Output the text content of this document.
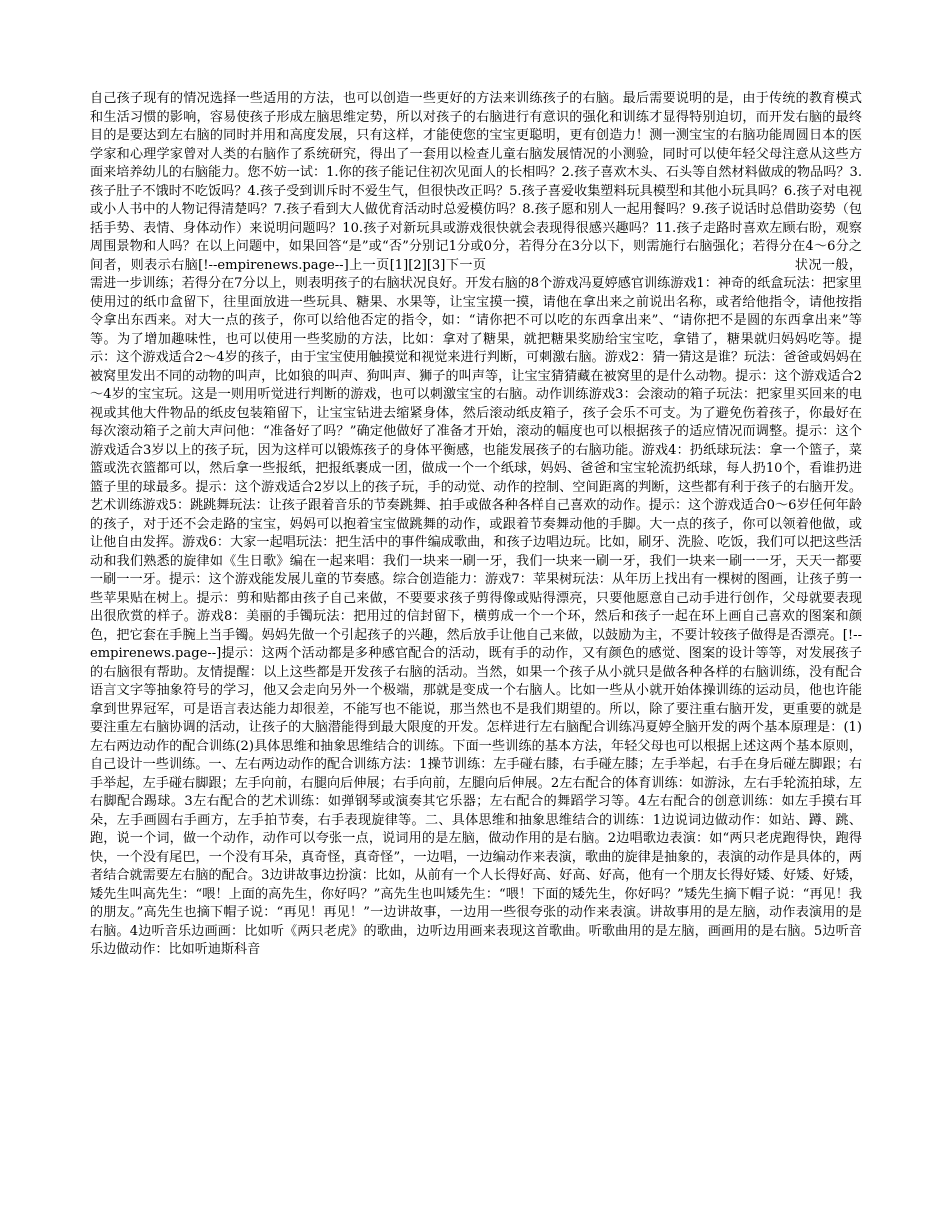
自己孩子现有的情况选择一些适用的方法，也可以创造一些更好的方法来训练孩子的右脑。最后需要说明的是，由于传统的教育模式和生活习惯的影响，容易使孩子形成左脑思维定势，所以对孩子的右脑进行有意识的强化和训练才显得特别迫切，而开发右脑的最终目的是要达到左右脑的同时并用和高度发展，只有这样，才能使您的宝宝更聪明，更有创造力！测一测宝宝的右脑功能周圆日本的医学家和心理学家曾对人类的右脑作了系统研究，得出了一套用以检查儿童右脑发展情况的小测验，同时可以使年轻父母注意从这些方面来培养幼儿的右脑能力。您不妨一试：1.你的孩子能记住初次见面人的长相吗？2.孩子喜欢木头、石头等自然材料做成的物品吗？3.孩子肚子不饿时不吃饭吗？4.孩子受到训斥时不爱生气，但很快改正吗？5.孩子喜爱收集塑料玩具模型和其他小玩具吗？6.孩子对电视或小人书中的人物记得清楚吗？7.孩子看到大人做优育活动时总爱模仿吗？8.孩子愿和别人一起用餐吗？9.孩子说话时总借助姿势（包括手势、表情、身体动作）来说明问题吗？10.孩子对新玩具或游戏很快就会表现得很感兴趣吗？11.孩子走路时喜欢左顾右盼，观察周围景物和人吗？在以上问题中，如果回答“是”或“否”分别记1分或0分，若得分在3分以下，则需施行右脑强化；若得分在4～6分之间者，则表示右脑[!--empirenews.page--]上一页[1][2][3]下一页	状况一般，需进一步训练；若得分在7分以上，则表明孩子的右脑状况良好。开发右脑的8个游戏冯夏婷感官训练游戏1：神奇的纸盒玩法：把家里使用过的纸巾盒留下，往里面放进一些玩具、糖果、水果等，让宝宝摸一摸，请他在拿出来之前说出名称，或者给他指令，请他按指令拿出东西来。对大一点的孩子，你可以给他否定的指令，如：“请你把不可以吃的东西拿出来”、“请你把不是圆的东西拿出来”等等。为了增加趣味性，也可以使用一些奖励的方法，比如：拿对了糖果，就把糖果奖励给宝宝吃，拿错了，糖果就归妈妈吃等。提示：这个游戏适合2～4岁的孩子，由于宝宝使用触摸觉和视觉来进行判断，可刺激右脑。游戏2：猜一猜这是谁？玩法：爸爸或妈妈在被窝里发出不同的动物的叫声，比如狼的叫声、狗叫声、狮子的叫声等，让宝宝猜猜藏在被窝里的是什么动物。提示：这个游戏适合2～4岁的宝宝玩。这是一则用听觉进行判断的游戏，也可以刺激宝宝的右脑。动作训练游戏3：会滚动的箱子玩法：把家里买回来的电视或其他大件物品的纸皮包装箱留下，让宝宝钻进去缩紧身体，然后滚动纸皮箱子，孩子会乐不可支。为了避免伤着孩子，你最好在每次滚动箱子之前大声问他：“准备好了吗？”确定他做好了准备才开始，滚动的幅度也可以根据孩子的适应情况而调整。提示：这个游戏适合3岁以上的孩子玩，因为这样可以锻炼孩子的身体平衡感，也能发展孩子的右脑功能。游戏4：扔纸球玩法：拿一个篮子，菜篮或洗衣篮都可以，然后拿一些报纸，把报纸裹成一团，做成一个一个纸球，妈妈、爸爸和宝宝轮流扔纸球，每人扔10个，看谁扔进篮子里的球最多。提示：这个游戏适合2岁以上的孩子玩，手的动觉、动作的控制、空间距离的判断，这些都有利于孩子的右脑开发。艺术训练游戏5：跳跳舞玩法：让孩子跟着音乐的节奏跳舞、拍手或做各种各样自己喜欢的动作。提示：这个游戏适合0～6岁任何年龄的孩子，对于还不会走路的宝宝，妈妈可以抱着宝宝做跳舞的动作，或跟着节奏舞动他的手脚。大一点的孩子，你可以领着他做，或让他自由发挥。游戏6：大家一起唱玩法：把生活中的事件编成歌曲，和孩子边唱边玩。比如，刷牙、洗脸、吃饭，我们可以把这些活动和我们熟悉的旋律如《生日歌》编在一起来唱：我们一块来一刷一牙，我们一块来一刷一牙，我们一块来一刷一一牙，天天一都要一刷一一牙。提示：这个游戏能发展儿童的节奏感。综合创造能力：游戏7：苹果树玩法：从年历上找出有一棵树的图画，让孩子剪一些苹果贴在树上。提示：剪和贴都由孩子自己来做，不要要求孩子剪得像或贴得漂亮，只要他愿意自己动手进行创作，父母就要表现出很欣赏的样子。游戏8：美丽的手镯玩法：把用过的信封留下，横剪成一个一个环，然后和孩子一起在环上画自己喜欢的图案和颜色，把它套在手腕上当手镯。妈妈先做一个引起孩子的兴趣，然后放手让他自己来做，以鼓励为主，不要计较孩子做得是否漂亮。[!--empirenews.page--]提示：这两个活动都是多种感官配合的活动，既有手的动作，又有颜色的感觉、图案的设计等等，对发展孩子的右脑很有帮助。友情提醒：以上这些都是开发孩子右脑的活动。当然，如果一个孩子从小就只是做各种各样的右脑训练，没有配合语言文字等抽象符号的学习，他又会走向另外一个极端，那就是变成一个右脑人。比如一些从小就开始体操训练的运动员，他也许能拿到世界冠军，可是语言表达能力却很差，不能写也不能说，那当然也不是我们期望的。所以，除了要注重右脑开发，更重要的就是要注重左右脑协调的活动，让孩子的大脑潜能得到最大限度的开发。怎样进行左右脑配合训练冯夏婷全脑开发的两个基本原理是：(1)左右两边动作的配合训练(2)具体思维和抽象思维结合的训练。下面一些训练的基本方法，年轻父母也可以根据上述这两个基本原则，自己设计一些训练。一、左右两边动作的配合训练方法：1操节训练：左手碰右膝，右手碰左膝；左手举起，右手在身后碰左脚跟；右手举起，左手碰右脚跟；左手向前，右腿向后伸展；右手向前，左腿向后伸展。2左右配合的体育训练：如游泳，左右手轮流拍球，左右脚配合踢球。3左右配合的艺术训练：如弹钢琴或演奏其它乐器；左右配合的舞蹈学习等。4左右配合的创意训练：如左手摸右耳朵，左手画圆右手画方，左手拍节奏，右手表现旋律等。二、具体思维和抽象思维结合的训练：1边说词边做动作：如站、蹲、跳、跑，说一个词，做一个动作，动作可以夸张一点，说词用的是左脑，做动作用的是右脑。2边唱歌边表演：如“两只老虎跑得快，跑得快，一个没有尾巴，一个没有耳朵，真奇怪，真奇怪”，一边唱，一边编动作来表演，歌曲的旋律是抽象的，表演的动作是具体的，两者结合就需要左右脑的配合。3边讲故事边扮演：比如，从前有一个人长得好高、好高、好高，他有一个朋友长得好矮、好矮、好矮，矮先生叫高先生：“喂！上面的高先生，你好吗？”高先生也叫矮先生：“喂！下面的矮先生，你好吗？”矮先生摘下帽子说：“再见！我的朋友。”高先生也摘下帽子说：“再见！再见！”一边讲故事，一边用一些很夸张的动作来表演。讲故事用的是左脑，动作表演用的是右脑。4边听音乐边画画：比如听《两只老虎》的歌曲，边听边用画来表现这首歌曲。听歌曲用的是左脑，画画用的是右脑。5边听音乐边做动作：比如听迪斯科音
